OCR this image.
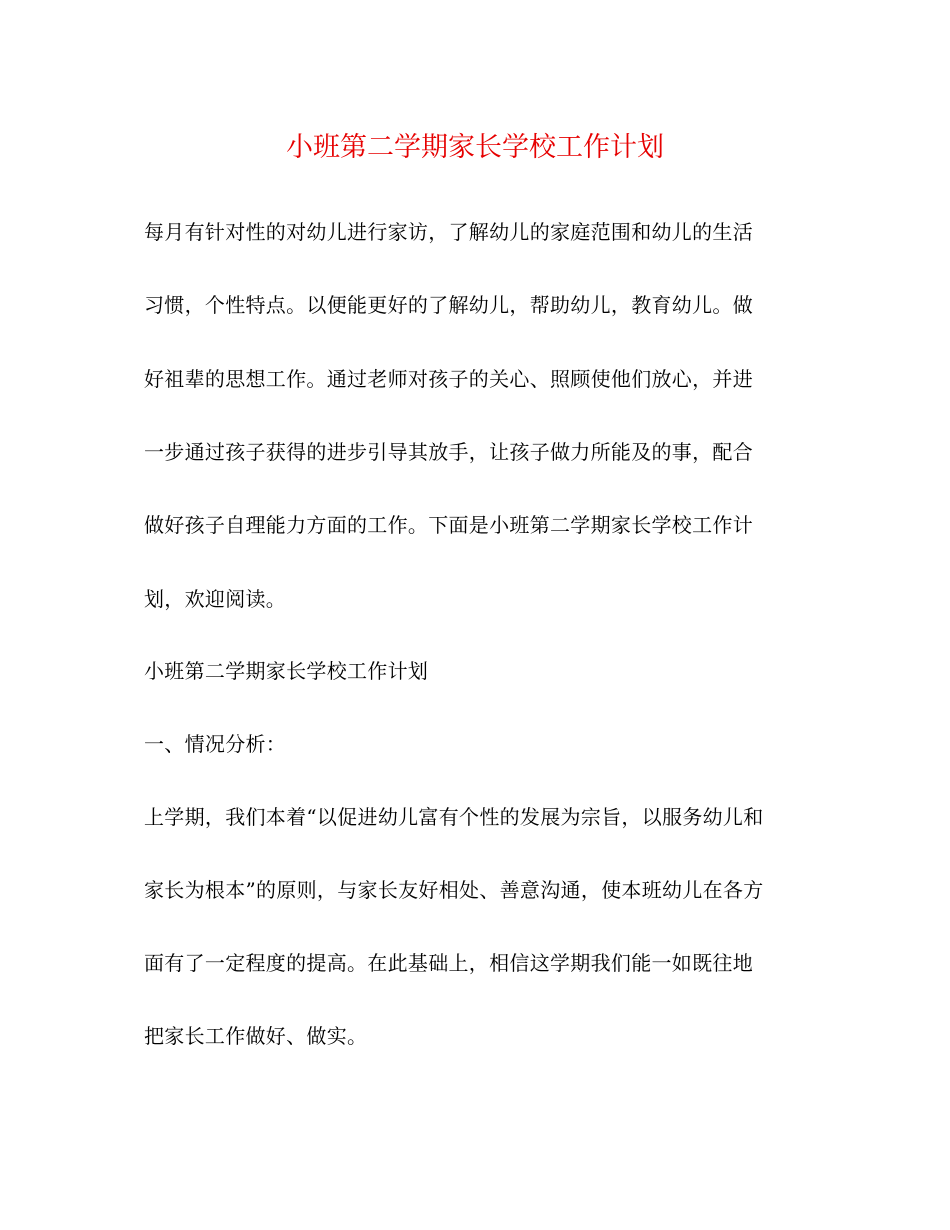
小班第二学期家长学校工作计划
每月有针对性的对幼儿进行家访，了解幼儿的家庭范围和幼儿的生活
习惯，个性特点。以便能更好的了解幼儿，帮助幼儿，教育幼儿。做
好祖辈的思想工作。通过老师对孩子的关心、照顾使他们放心，并进
一步通过孩子获得的进步引导其放手，让孩子做力所能及的事，配合
做好孩子自理能力方面的工作。下面是小班第二学期家长学校工作计
划，欢迎阅读。
小班第二学期家长学校工作计划
一、情况分析：
上学期，我们本着“以促进幼儿富有个性的发展为宗旨，以服务幼儿和
家长为根本”的原则，与家长友好相处、善意沟通，使本班幼儿在各方
面有了一定程度的提高。在此基础上，相信这学期我们能一如既往地
把家长工作做好、做实。
